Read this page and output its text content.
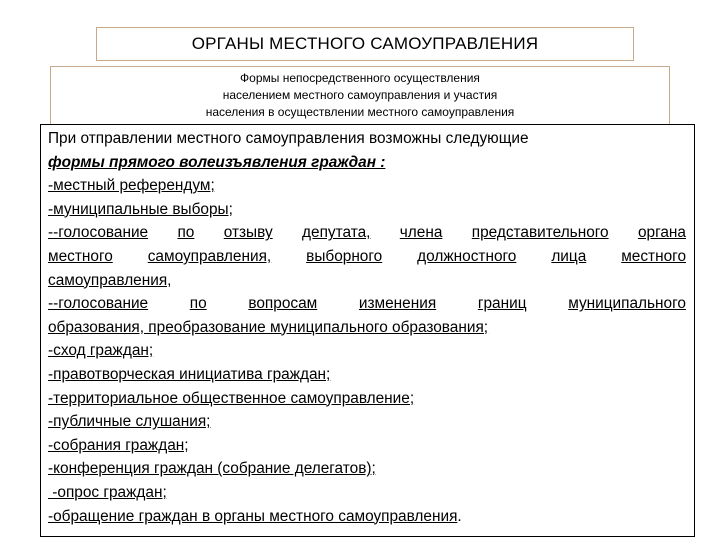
ОРГАНЫ МЕСТНОГО САМОУПРАВЛЕНИЯ
Формы непосредственного осуществления
населением местного самоуправления и участия
населения в осуществлении местного самоуправления
При отправлении местного самоуправления возможны следующие
формы прямого волеизъявления граждан :
-местный референдум;
-муниципальные выборы;
--голосование по отзыву депутата, члена представительного органа
местного самоуправления, выборного должностного лица местного
самоуправления,
--голосование	по	вопросам	изменения	границ	муниципального
образования, преобразование муниципального образования;
-сход граждан;
-правотворческая инициатива граждан;
-территориальное общественное самоуправление;
-публичные слушания;
-собрания граждан;
-конференция граждан (собрание делегатов);
-опрос граждан;
-обращение граждан в органы местного самоуправления.
